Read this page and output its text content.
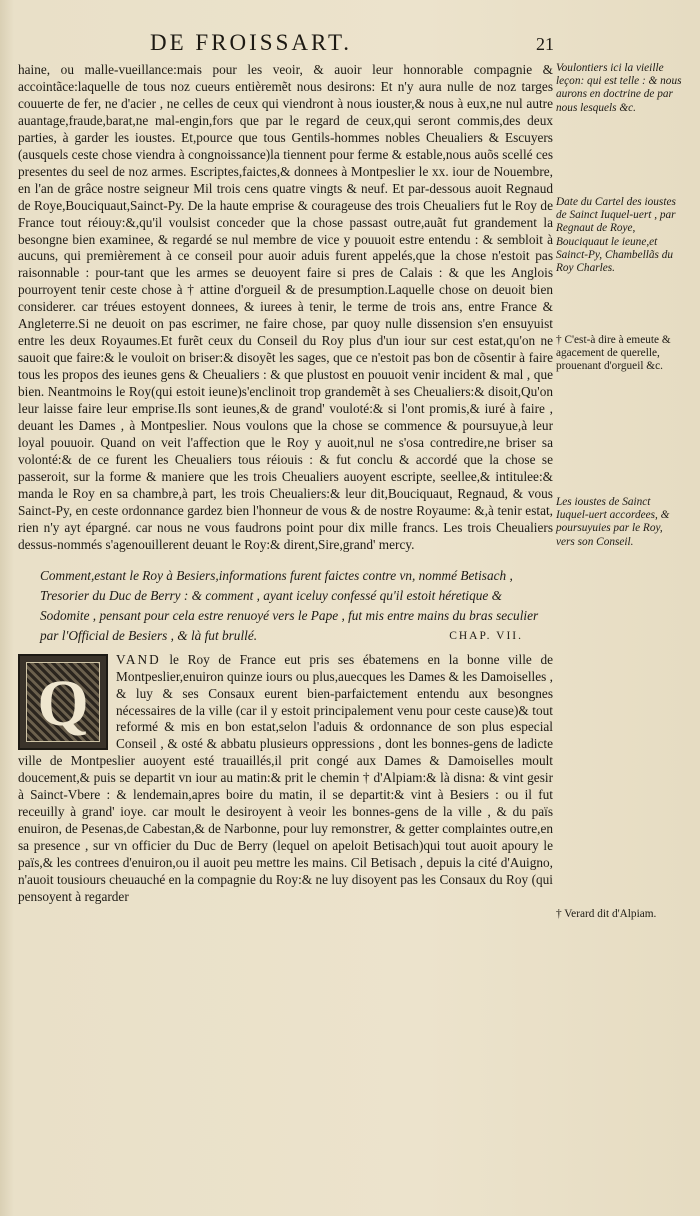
DE FROISSART.	21

haine, ou malle-vueillance:mais pour les veoir, & auoir leur honnorable compagnie & accointãce:laquelle de tous noz cueurs entièremẽt nous desirons: Et n'y aura nulle de noz targes couuerte de fer, ne d'acier , ne celles de ceux qui viendront à nous iouster,& nous à eux,ne nul autre auantage,fraude,barat,ne mal-engin,fors que par le regard de ceux,qui seront commis,des deux parties, à garder les ioustes. Et,pource que tous Gentils-hommes nobles Cheualiers & Escuyers (ausquels ceste chose viendra à congnoissance)la tiennent pour ferme & estable,nous auõs scellé ces presentes du seel de noz armes. Escriptes,faictes,& donnees à Montpeslier le xx. iour de Nouembre, en l'an de grâce nostre seigneur Mil trois cens quatre vingts & neuf. Et par-dessous auoit Regnaud de Roye,Bouciquaut,Sainct-Py. De la haute emprise & courageuse des trois Cheualiers fut le Roy de France tout réiouy:&,qu'il voulsist conceder que la chose passast outre,auãt fut grandement la besongne bien examinee, & regardé se nul membre de vice y pouuoit estre entendu : & sembloit à aucuns, qui premièrement à ce conseil pour auoir aduis furent appelés,que la chose n'estoit pas raisonnable : pour-tant que les armes se deuoyent faire si pres de Calais : & que les Anglois pourroyent tenir ceste chose à † attine d'orgueil & de presumption.Laquelle chose on deuoit bien considerer. car tréues estoyent donnees, & iurees à tenir, le terme de trois ans, entre France & Angleterre.Si ne deuoit on pas escrimer, ne faire chose, par quoy nulle dissension s'en ensuyuist entre les deux Royaumes.Et furẽt ceux du Conseil du Roy plus d'un iour sur cest estat,qu'on ne sauoit que faire:& le vouloit on briser:& disoyẽt les sages, que ce n'estoit pas bon de cõsentir à faire tous les propos des ieunes gens & Cheualiers : & que plustost en pouuoit venir incident & mal , que bien. Neantmoins le Roy(qui estoit ieune)s'enclinoit trop grandemẽt à ses Cheualiers:& disoit,Qu'on leur laisse faire leur emprise.Ils sont ieunes,& de grand' vouloté:& si l'ont promis,& iuré à faire , deuant les Dames , à Montpeslier. Nous voulons que la chose se commence & poursuyue,à leur loyal pouuoir. Quand on veit l'affection que le Roy y auoit,nul ne s'osa contredire,ne briser sa volonté:& de ce furent les Cheualiers tous réiouis : & fut conclu & accordé que la chose se passeroit, sur la forme & maniere que les trois Cheualiers auoyent escripte, seellee,& intitulee:& manda le Roy en sa chambre,à part, les trois Cheualiers:& leur dit,Bouciquaut, Regnaud, & vous Sainct-Py, en ceste ordonnance gardez bien l'honneur de vous & de nostre Royaume: &,à tenir estat, rien n'y ayt épargné. car nous ne vous faudrons point pour dix mille francs. Les trois Cheualiers dessus-nommés s'agenouillerent deuant le Roy:& dirent,Sire,grand' mercy.

Comment,estant le Roy à Besiers,informations furent faictes contre vn, nommé Betisach , Tresorier du Duc de Berry : & comment , ayant iceluy confessé qu'il estoit héretique & Sodomite , pensant pour cela estre renuoyé vers le Pape , fut mis entre mains du bras seculier par l'Official de Besiers , & là fut brullé.	CHAP. VII.
Q

VAND le Roy de France eut pris ses ébatemens en la bonne ville de Montpeslier,enuiron quinze iours ou plus,auecques les Dames & les Damoiselles , & luy & ses Consaux eurent bien-parfaictement entendu aux besongnes nécessaires de la ville (car il y estoit principalement venu pour ceste cause)& tout reformé & mis en bon estat,selon l'aduis & ordonnance de son plus especial Conseil , & osté & abbatu plusieurs oppressions , dont les bonnes-gens de ladicte ville de Montpeslier auoyent esté trauaillés,il prit congé aux Dames & Damoiselles moult doucement,& puis se departit vn iour au matin:& prit le chemin † d'Alpiam:& là disna: & vint gesir à Sainct-Vbere : & lendemain,apres boire du matin, il se departit:& vint à Besiers : ou il fut receuilly à grand' ioye. car moult le desiroyent à veoir les bonnes-gens de la ville , & du païs enuiron, de Pesenas,de Cabestan,& de Narbonne, pour luy remonstrer, & getter complaintes outre,en sa presence , sur vn officier du Duc de Berry (lequel on apeloit Betisach)qui tout auoit apoury le païs,& les contrees d'enuiron,ou il auoit peu mettre les mains. Cil Betisach , depuis la cité d'Auigno, n'auoit tousiours cheuauché en la compagnie du Roy:& ne luy disoyent pas les Consaux du Roy (qui pensoyent à regarder

Voulontiers ici la vieille leçon: qui est telle : & nous aurons en doctrine de par nous lesquels &c.
Date du Cartel des ioustes de Sainct Iuquel-uert , par Regnaut de Roye, Bouciquaut le ieune,et Sainct-Py, Chambellãs du Roy Charles.
† C'est-à dire à emeute & agacement de querelle, prouenant d'orgueil &c.
Les ioustes de Sainct Iuquel-uert accordees, & poursuyuies par le Roy, vers son Conseil.
† Verard dit d'Alpiam.
